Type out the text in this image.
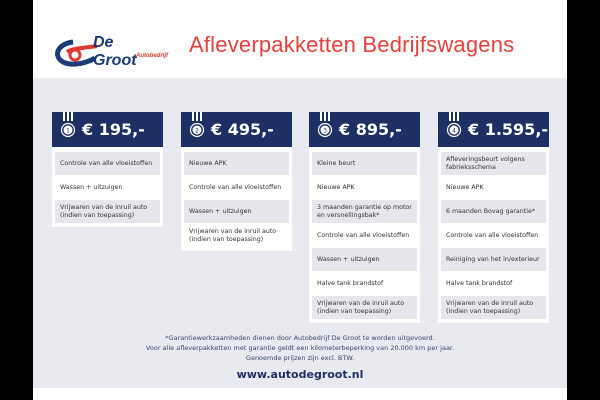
De Groot Autobedrijf Afleverpakketten Bedrijfswagens
1 € 195,-
Controle van alle vloeistoffen
Wassen + uitzuigen
Vrijwaren van de inruil auto (indien van toepassing)
2 € 495,-
Nieuwe APK
Controle van alle vloeistoffen
Wassen + uitzuigen
Vrijwaren van de inruil auto (indien van toepassing)
3 € 895,-
Kleine beurt
Nieuwe APK
3 maanden garantie op motor en versnellingsbak*
Controle van alle vloeistoffen
Wassen + uitzuigen
Halve tank brandstof
Vrijwaren van de inruil auto (indien van toepassing)
4 € 1.595,-
Afleveringsbeurt volgens fabrieksschema
Nieuwe APK
6 maanden Bovag garantie*
Controle van alle vloeistoffen
Reiniging van het in/exterieur
Halve tank brandstof
Vrijwaren van de inruil auto (indien van toepassing)
*Garantiewerkzaamheden dienen door Autobedrijf De Groot te worden uitgevoerd.
Voor alle afleverpakketten met garantie geldt een kilometerbeperking van 20.000 km per jaar.
Genoemde prijzen zijn excl. BTW.
www.autodegroot.nl
